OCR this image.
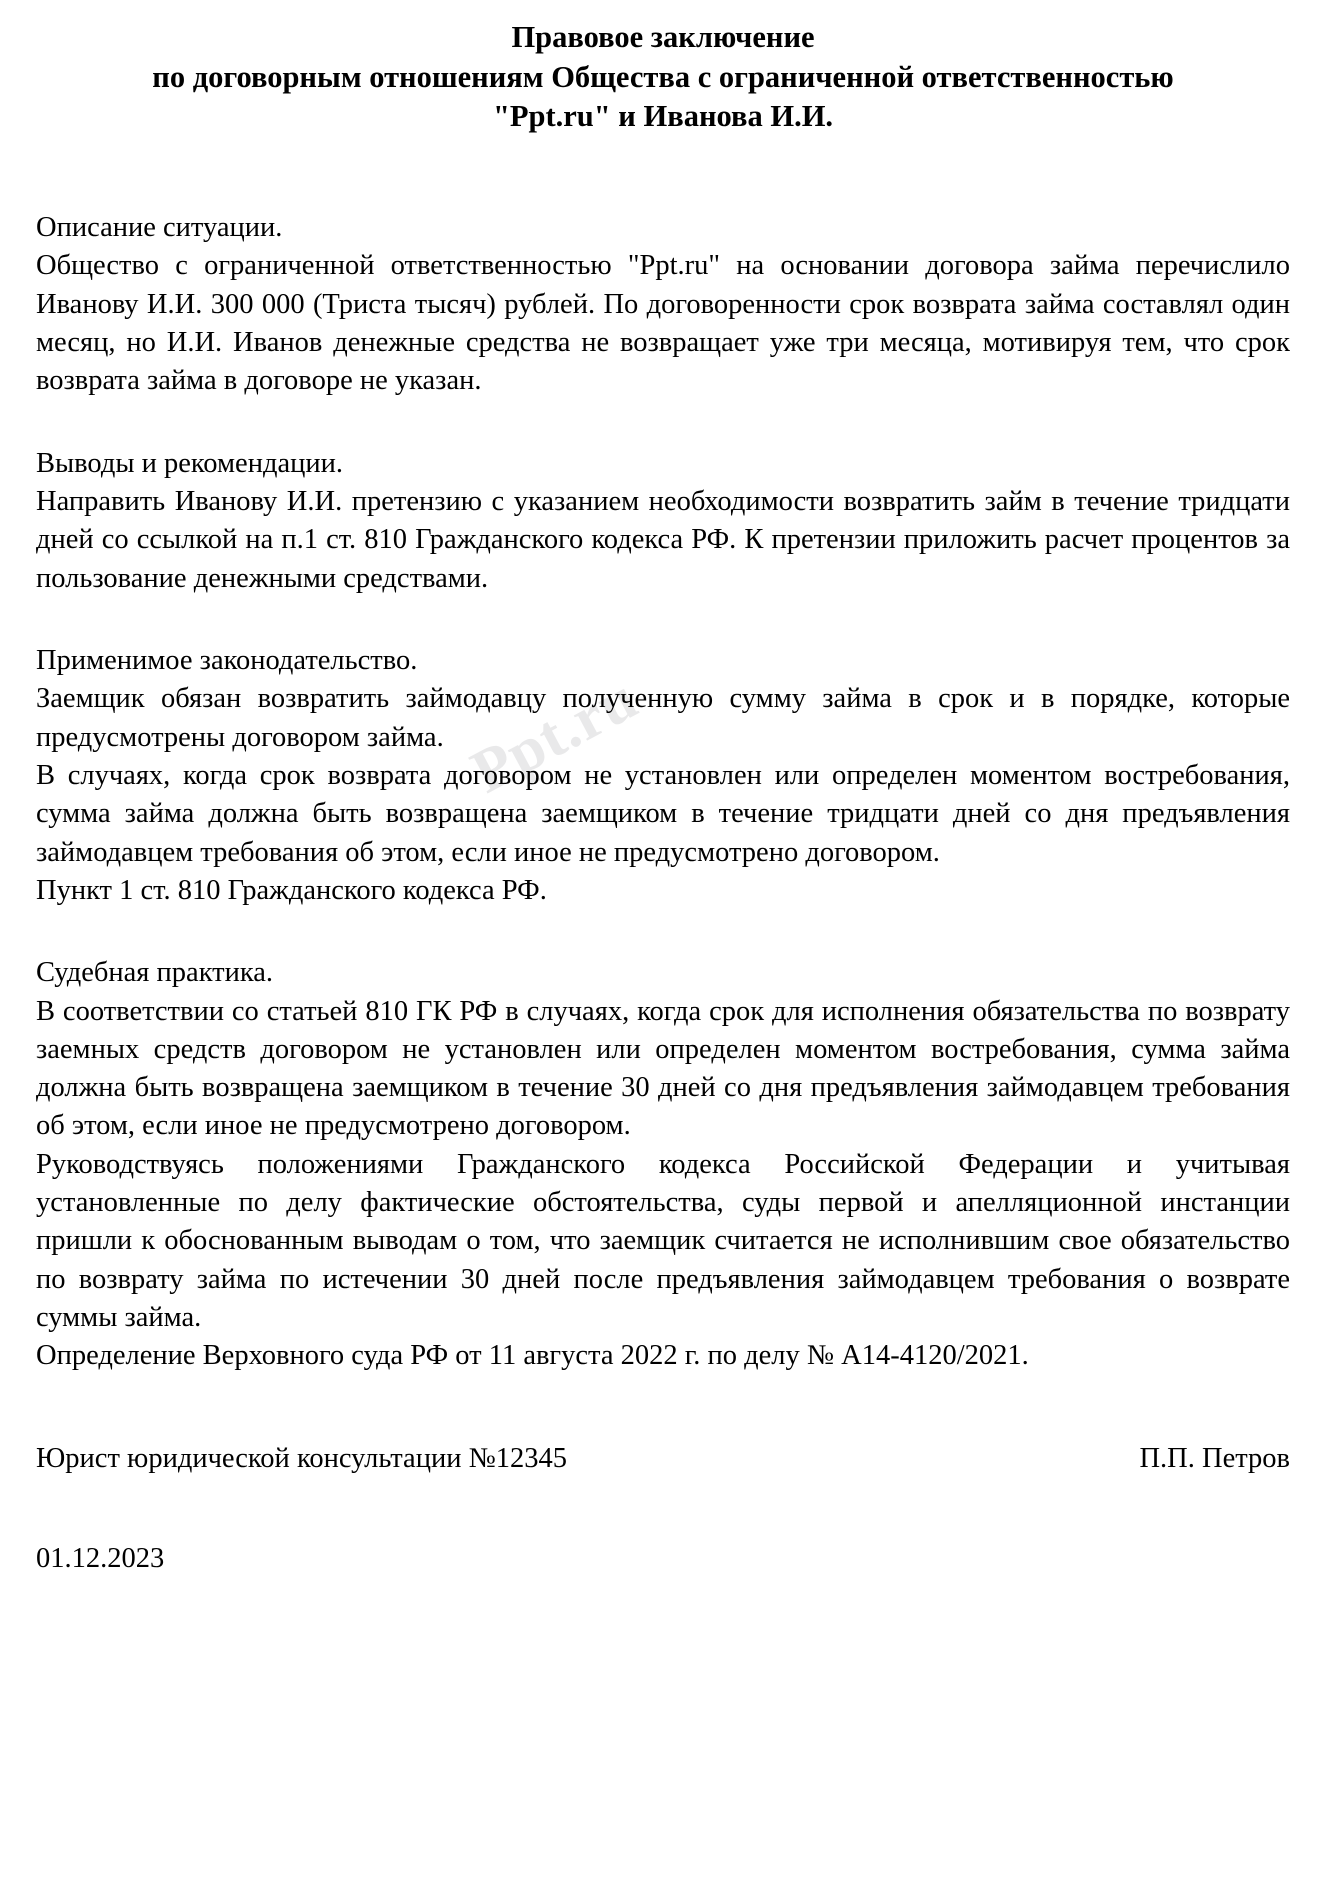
Ppt.ru
Правовое заключение
по договорным отношениям Общества с ограниченной ответственностью
"Ppt.ru" и Иванова И.И.

Описание ситуации.

Общество с ограниченной ответственностью "Ppt.ru" на основании договора займа перечислило Иванову И.И. 300 000 (Триста тысяч) рублей. По договоренности срок возврата займа составлял один месяц, но И.И. Иванов денежные средства не возвращает уже три месяца, мотивируя тем, что срок возврата займа в договоре не указан.

Выводы и рекомендации.

Направить Иванову И.И. претензию с указанием необходимости возвратить займ в течение тридцати дней со ссылкой на п.1 ст. 810 Гражданского кодекса РФ. К претензии приложить расчет процентов за пользование денежными средствами.

Применимое законодательство.

Заемщик обязан возвратить займодавцу полученную сумму займа в срок и в порядке, которые предусмотрены договором займа.

В случаях, когда срок возврата договором не установлен или определен моментом востребования, сумма займа должна быть возвращена заемщиком в течение тридцати дней со дня предъявления займодавцем требования об этом, если иное не предусмотрено договором.

Пункт 1 ст. 810 Гражданского кодекса РФ.

Судебная практика.

В соответствии со статьей 810 ГК РФ в случаях, когда срок для исполнения обязательства по возврату заемных средств договором не установлен или определен моментом востребования, сумма займа должна быть возвращена заемщиком в течение 30 дней со дня предъявления займодавцем требования об этом, если иное не предусмотрено договором.

Руководствуясь положениями Гражданского кодекса Российской Федерации и учитывая установленные по делу фактические обстоятельства, суды первой и апелляционной инстанции пришли к обоснованным выводам о том, что заемщик считается не исполнившим свое обязательство по возврату займа по истечении 30 дней после предъявления займодавцем требования о возврате суммы займа.

Определение Верховного суда РФ от 11 августа 2022 г. по делу № А14-4120/2021.

Юрист юридической консультации №12345	П.П. Петров
01.12.2023
